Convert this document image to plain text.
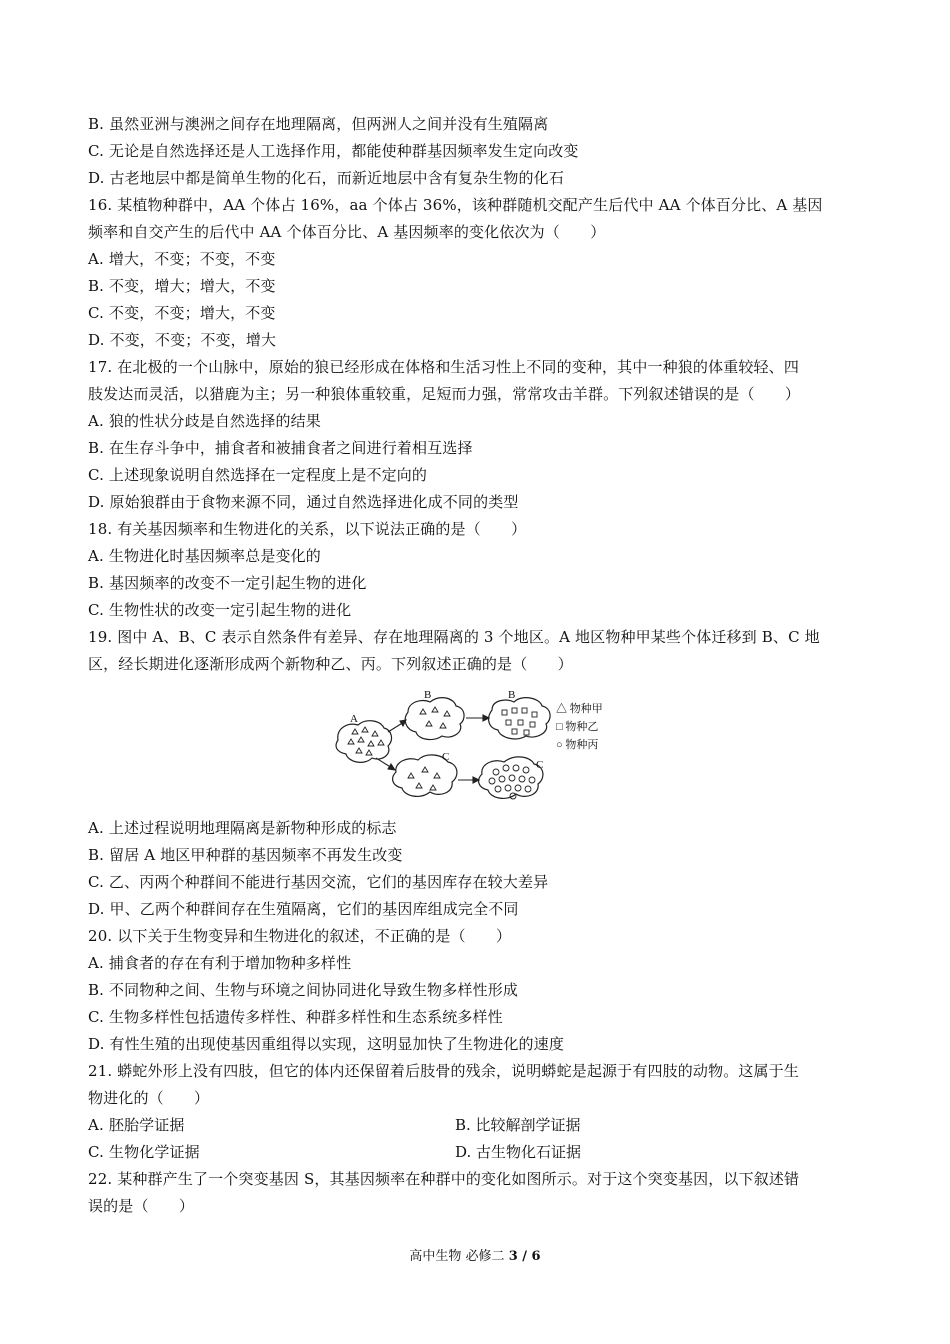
B. 虽然亚洲与澳洲之间存在地理隔离，但两洲人之间并没有生殖隔离
C. 无论是自然选择还是人工选择作用，都能使种群基因频率发生定向改变
D. 古老地层中都是简单生物的化石，而新近地层中含有复杂生物的化石
16. 某植物种群中，AA 个体占 16%，aa 个体占 36%，该种群随机交配产生后代中 AA 个体百分比、A 基因
频率和自交产生的后代中 AA 个体百分比、A 基因频率的变化依次为（　　）
A. 增大，不变；不变，不变
B. 不变，增大；增大，不变
C. 不变，不变；增大，不变
D. 不变，不变；不变，增大
17. 在北极的一个山脉中，原始的狼已经形成在体格和生活习性上不同的变种，其中一种狼的体重较轻、四
肢发达而灵活，以猎鹿为主；另一种狼体重较重，足短而力强，常常攻击羊群。下列叙述错误的是（　　）
A. 狼的性状分歧是自然选择的结果
B. 在生存斗争中，捕食者和被捕食者之间进行着相互选择
C. 上述现象说明自然选择在一定程度上是不定向的
D. 原始狼群由于食物来源不同，通过自然选择进化成不同的类型
18. 有关基因频率和生物进化的关系，以下说法正确的是（　　）
A. 生物进化时基因频率总是变化的
B. 基因频率的改变不一定引起生物的进化
C. 生物性状的改变一定引起生物的进化
19. 图中 A、B、C 表示自然条件有差异、存在地理隔离的 3 个地区。A 地区物种甲某些个体迁移到 B、C 地
区，经长期进化逐渐形成两个新物种乙、丙。下列叙述正确的是（　　）
A
B	B
C
C
△ 物种甲
□ 物种乙
○ 物种丙
A. 上述过程说明地理隔离是新物种形成的标志
B. 留居 A 地区甲种群的基因频率不再发生改变
C. 乙、丙两个种群间不能进行基因交流，它们的基因库存在较大差异
D. 甲、乙两个种群间存在生殖隔离，它们的基因库组成完全不同
20. 以下关于生物变异和生物进化的叙述，不正确的是（　　）
A. 捕食者的存在有利于增加物种多样性
B. 不同物种之间、生物与环境之间协同进化导致生物多样性形成
C. 生物多样性包括遗传多样性、种群多样性和生态系统多样性
D. 有性生殖的出现使基因重组得以实现，这明显加快了生物进化的速度
21. 蟒蛇外形上没有四肢，但它的体内还保留着后肢骨的残余，说明蟒蛇是起源于有四肢的动物。这属于生
物进化的（　　）
A. 胚胎学证据	B. 比较解剖学证据
C. 生物化学证据	D. 古生物化石证据
22. 某种群产生了一个突变基因 S，其基因频率在种群中的变化如图所示。对于这个突变基因，以下叙述错
误的是（　　）
高中生物 必修二 3 / 6
